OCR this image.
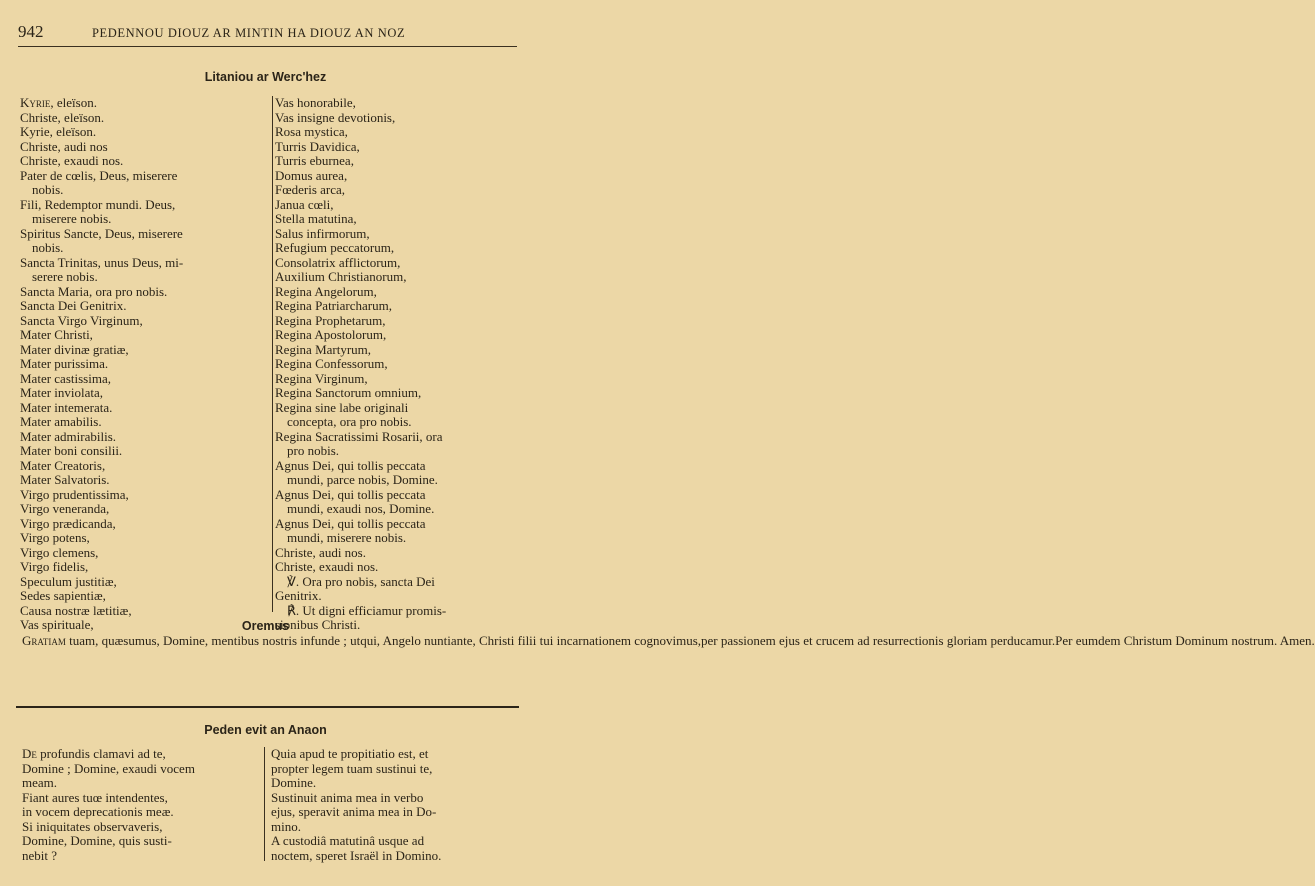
942	PEDENNOU DIOUZ AR MINTIN HA DIOUZ AN NOZ
Litaniou ar Werc'hez
Kyrie, eleïson.
Christe, eleïson.
Kyrie, eleïson.
Christe, audi nos
Christe, exaudi nos.
Pater de cœlis, Deus, miserere
nobis.
Fili, Redemptor mundi. Deus,
miserere nobis.
Spiritus Sancte, Deus, miserere
nobis.
Sancta Trinitas, unus Deus, mi-
serere nobis.
Sancta Maria, ora pro nobis.
Sancta Dei Genitrix.
Sancta Virgo Virginum,
Mater Christi,
Mater divinæ gratiæ,
Mater purissima.
Mater castissima,
Mater inviolata,
Mater intemerata.
Mater amabilis.
Mater admirabilis.
Mater boni consilii.
Mater Creatoris,
Mater Salvatoris.
Virgo prudentissima,
Virgo veneranda,
Virgo prædicanda,
Virgo potens,
Virgo clemens,
Virgo fidelis,
Speculum justitiæ,
Sedes sapientiæ,
Causa nostræ lætitiæ,
Vas spirituale,
Vas honorabile,
Vas insigne devotionis,
Rosa mystica,
Turris Davidica,
Turris eburnea,
Domus aurea,
Fœderis arca,
Janua cœli,
Stella matutina,
Salus infirmorum,
Refugium peccatorum,
Consolatrix afflictorum,
Auxilium Christianorum,
Regina Angelorum,
Regina Patriarcharum,
Regina Prophetarum,
Regina Apostolorum,
Regina Martyrum,
Regina Confessorum,
Regina Virginum,
Regina Sanctorum omnium,
Regina sine labe originali
concepta, ora pro nobis.
Regina Sacratissimi Rosarii, ora
pro nobis.
Agnus Dei, qui tollis peccata
mundi, parce nobis, Domine.
Agnus Dei, qui tollis peccata
mundi, exaudi nos, Domine.
Agnus Dei, qui tollis peccata
mundi, miserere nobis.
Christe, audi nos.
Christe, exaudi nos.
℣. Ora pro nobis, sancta Dei
Genitrix.
℟. Ut digni efficiamur promis-
sionibus Christi.
Oremus
Gratiam tuam, quæsumus, Domine, mentibus nostris infunde ; utqui, Angelo nuntiante, Christi filii tui incarnationem cognovimus,per passionem ejus et crucem ad resurrectionis gloriam perducamur.Per eumdem Christum Dominum nostrum. Amen.
Peden evit an Anaon
De profundis clamavi ad te,
Domine ; Domine, exaudi vocem
meam.
Fiant aures tuœ intendentes,
in vocem deprecationis meæ.
Si iniquitates observaveris,
Domine, Domine, quis susti-
nebit ?
Quia apud te propitiatio est, et
propter legem tuam sustinui te,
Domine.
Sustinuit anima mea in verbo
ejus, speravit anima mea in Do-
mino.
A custodiâ matutinâ usque ad
noctem, speret Israël in Domino.
